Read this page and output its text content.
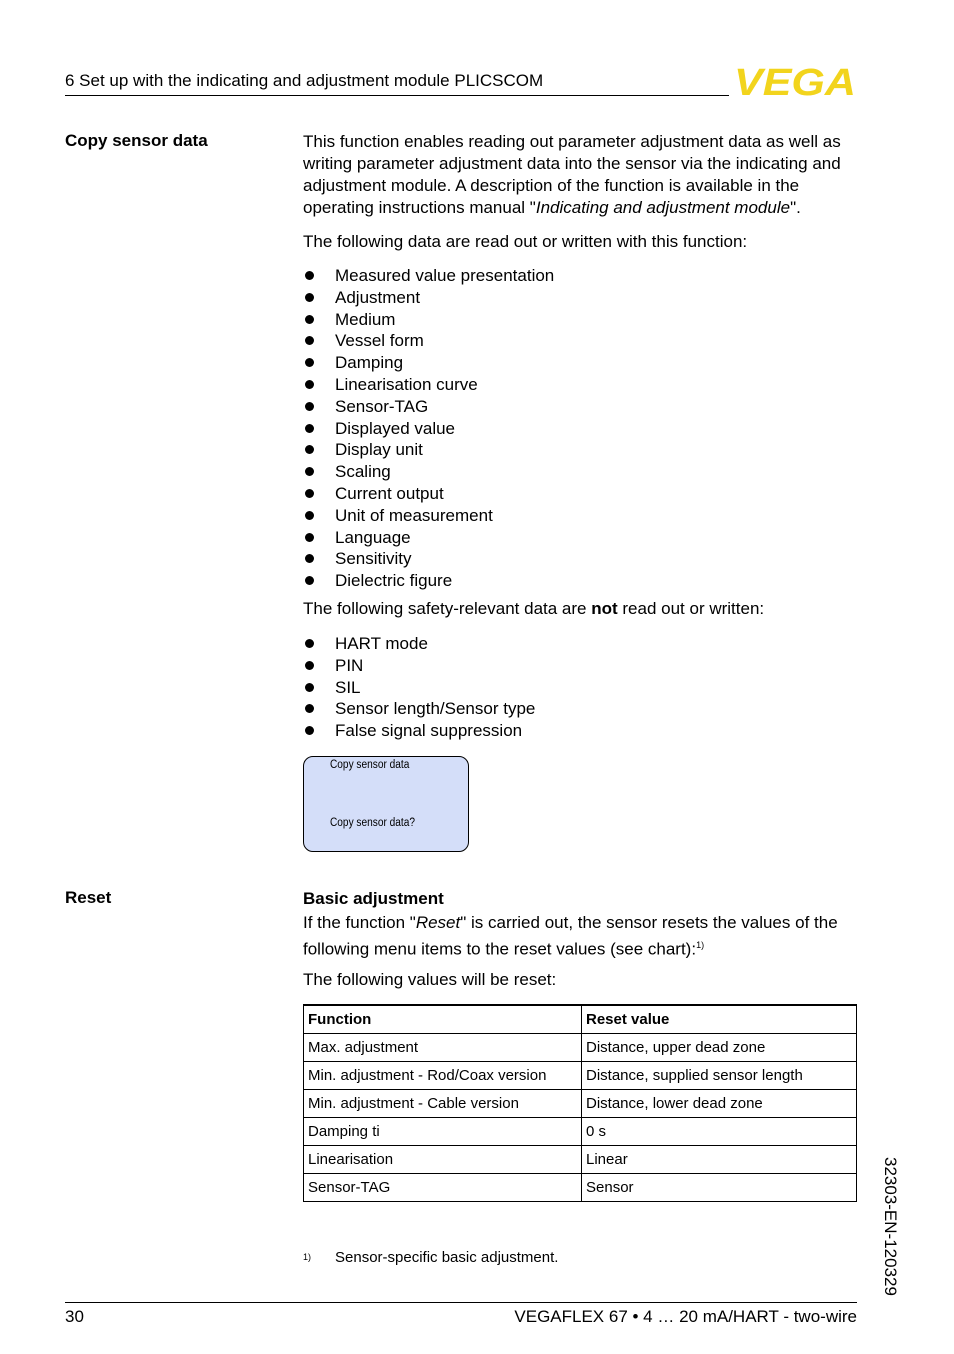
6 Set up with the indicating and adjustment module PLICSCOM	VEGA
Copy sensor data	This function enables reading out parameter adjustment data as well as writing parameter adjustment data into the sensor via the indicating and adjustment module. A description of the function is available in the operating instructions manual "Indicating and adjustment module".

The following data are read out or written with this function:
Measured value presentation
Adjustment
Medium
Vessel form
Damping
Linearisation curve
Sensor-TAG
Displayed value
Display unit
Scaling
Current output
Unit of measurement
Language
Sensitivity
Dielectric figure
The following safety-relevant data are not read out or written:
HART mode
PIN
SIL
Sensor length/Sensor type
False signal suppression
Copy sensor data
Copy sensor data?
Reset	Basic adjustment
If the function "Reset" is carried out, the sensor resets the values of the following menu items to the reset values (see chart):$^{1)}$
The following values will be reset:
Function	Reset value
Max. adjustment	Distance, upper dead zone
Min. adjustment - Rod/Coax version	Distance, supplied sensor length
Min. adjustment - Cable version	Distance, lower dead zone
Damping ti	0 s
Linearisation	Linear
Sensor-TAG	Sensor
1) Sensor-specific basic adjustment.	32303-EN-120329
30	VEGAFLEX 67 • 4 … 20 mA/HART - two-wire
